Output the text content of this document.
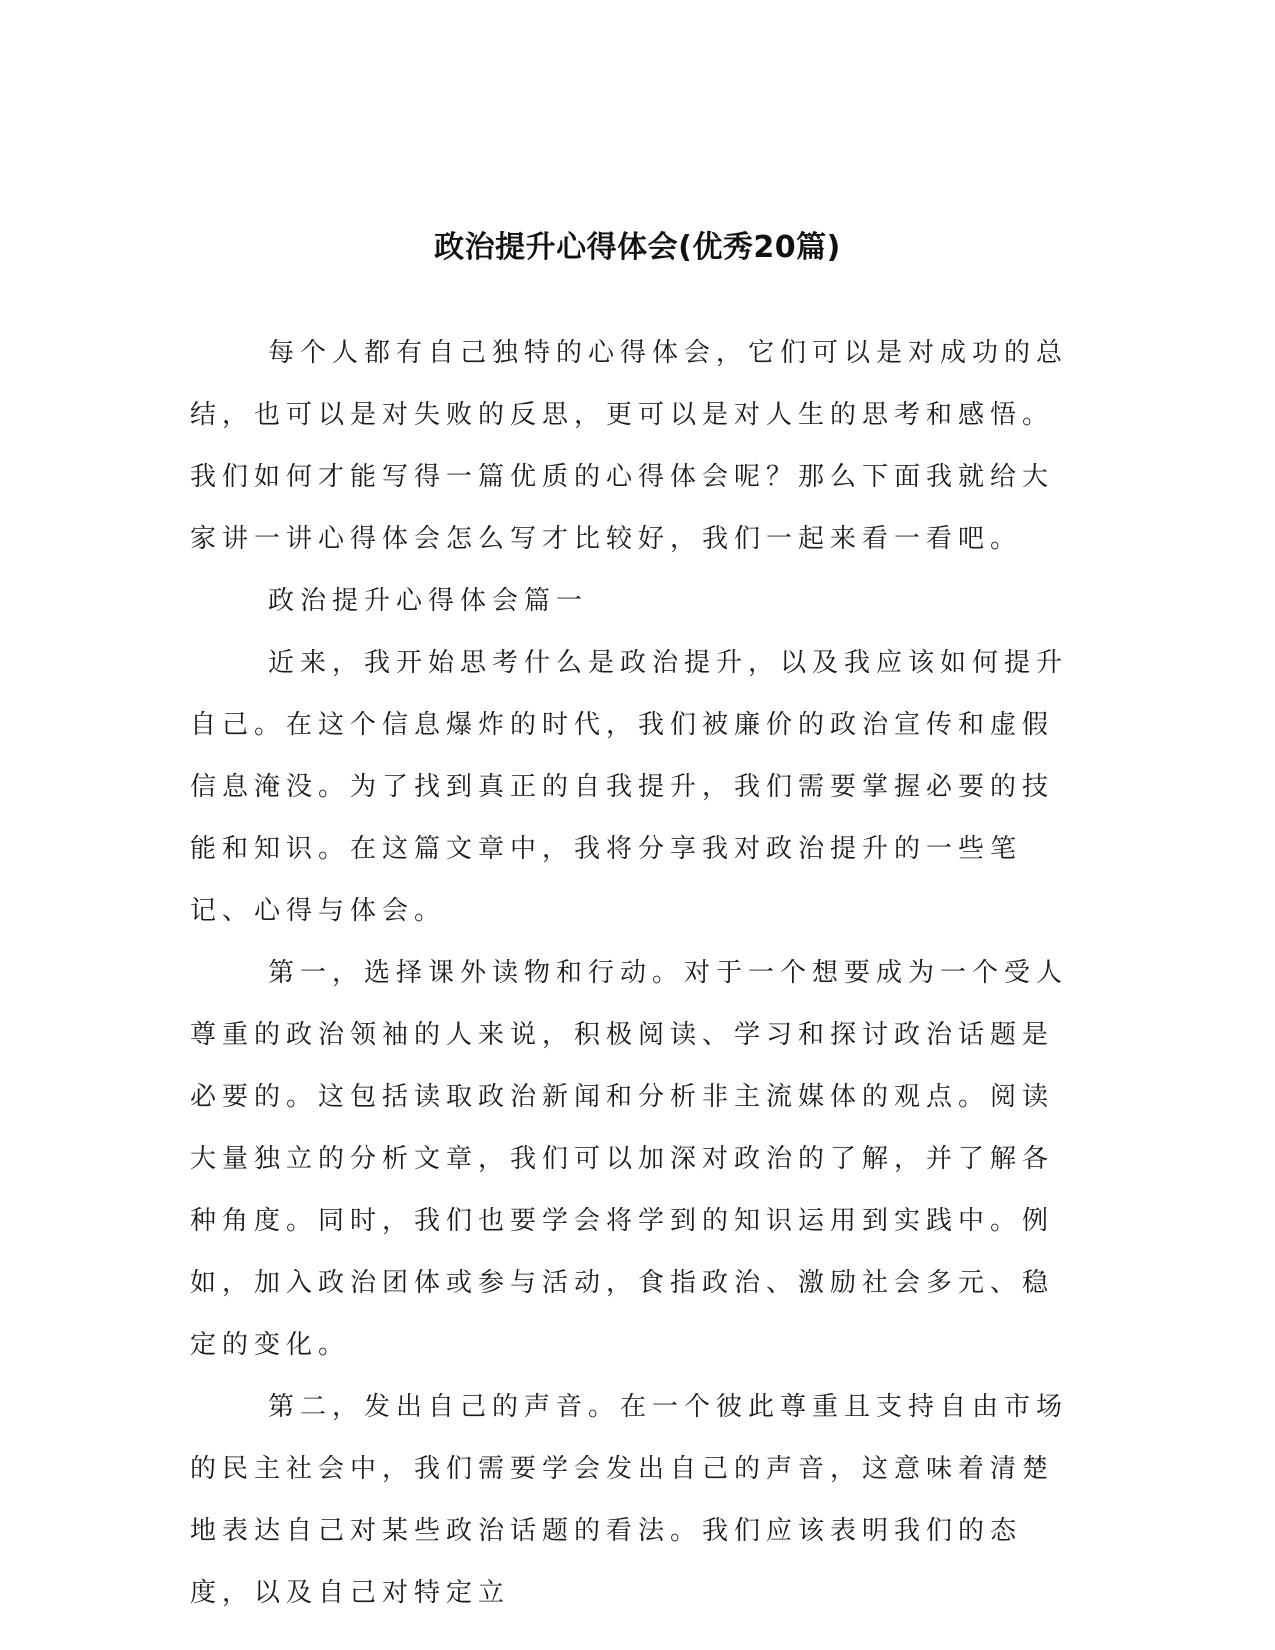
政治提升心得体会(优秀20篇)

每个人都有自己独特的心得体会，它们可以是对成功的总结，也可以是对失败的反思，更可以是对人生的思考和感悟。我们如何才能写得一篇优质的心得体会呢？那么下面我就给大家讲一讲心得体会怎么写才比较好，我们一起来看一看吧。

政治提升心得体会篇一

近来，我开始思考什么是政治提升，以及我应该如何提升自己。在这个信息爆炸的时代，我们被廉价的政治宣传和虚假信息淹没。为了找到真正的自我提升，我们需要掌握必要的技能和知识。在这篇文章中，我将分享我对政治提升的一些笔记、心得与体会。

第一，选择课外读物和行动。对于一个想要成为一个受人尊重的政治领袖的人来说，积极阅读、学习和探讨政治话题是必要的。这包括读取政治新闻和分析非主流媒体的观点。阅读大量独立的分析文章，我们可以加深对政治的了解，并了解各种角度。同时，我们也要学会将学到的知识运用到实践中。例如，加入政治团体或参与活动，食指政治、激励社会多元、稳定的变化。

第二，发出自己的声音。在一个彼此尊重且支持自由市场的民主社会中，我们需要学会发出自己的声音，这意味着清楚地表达自己对某些政治话题的看法。我们应该表明我们的态度，以及自己对特定立
